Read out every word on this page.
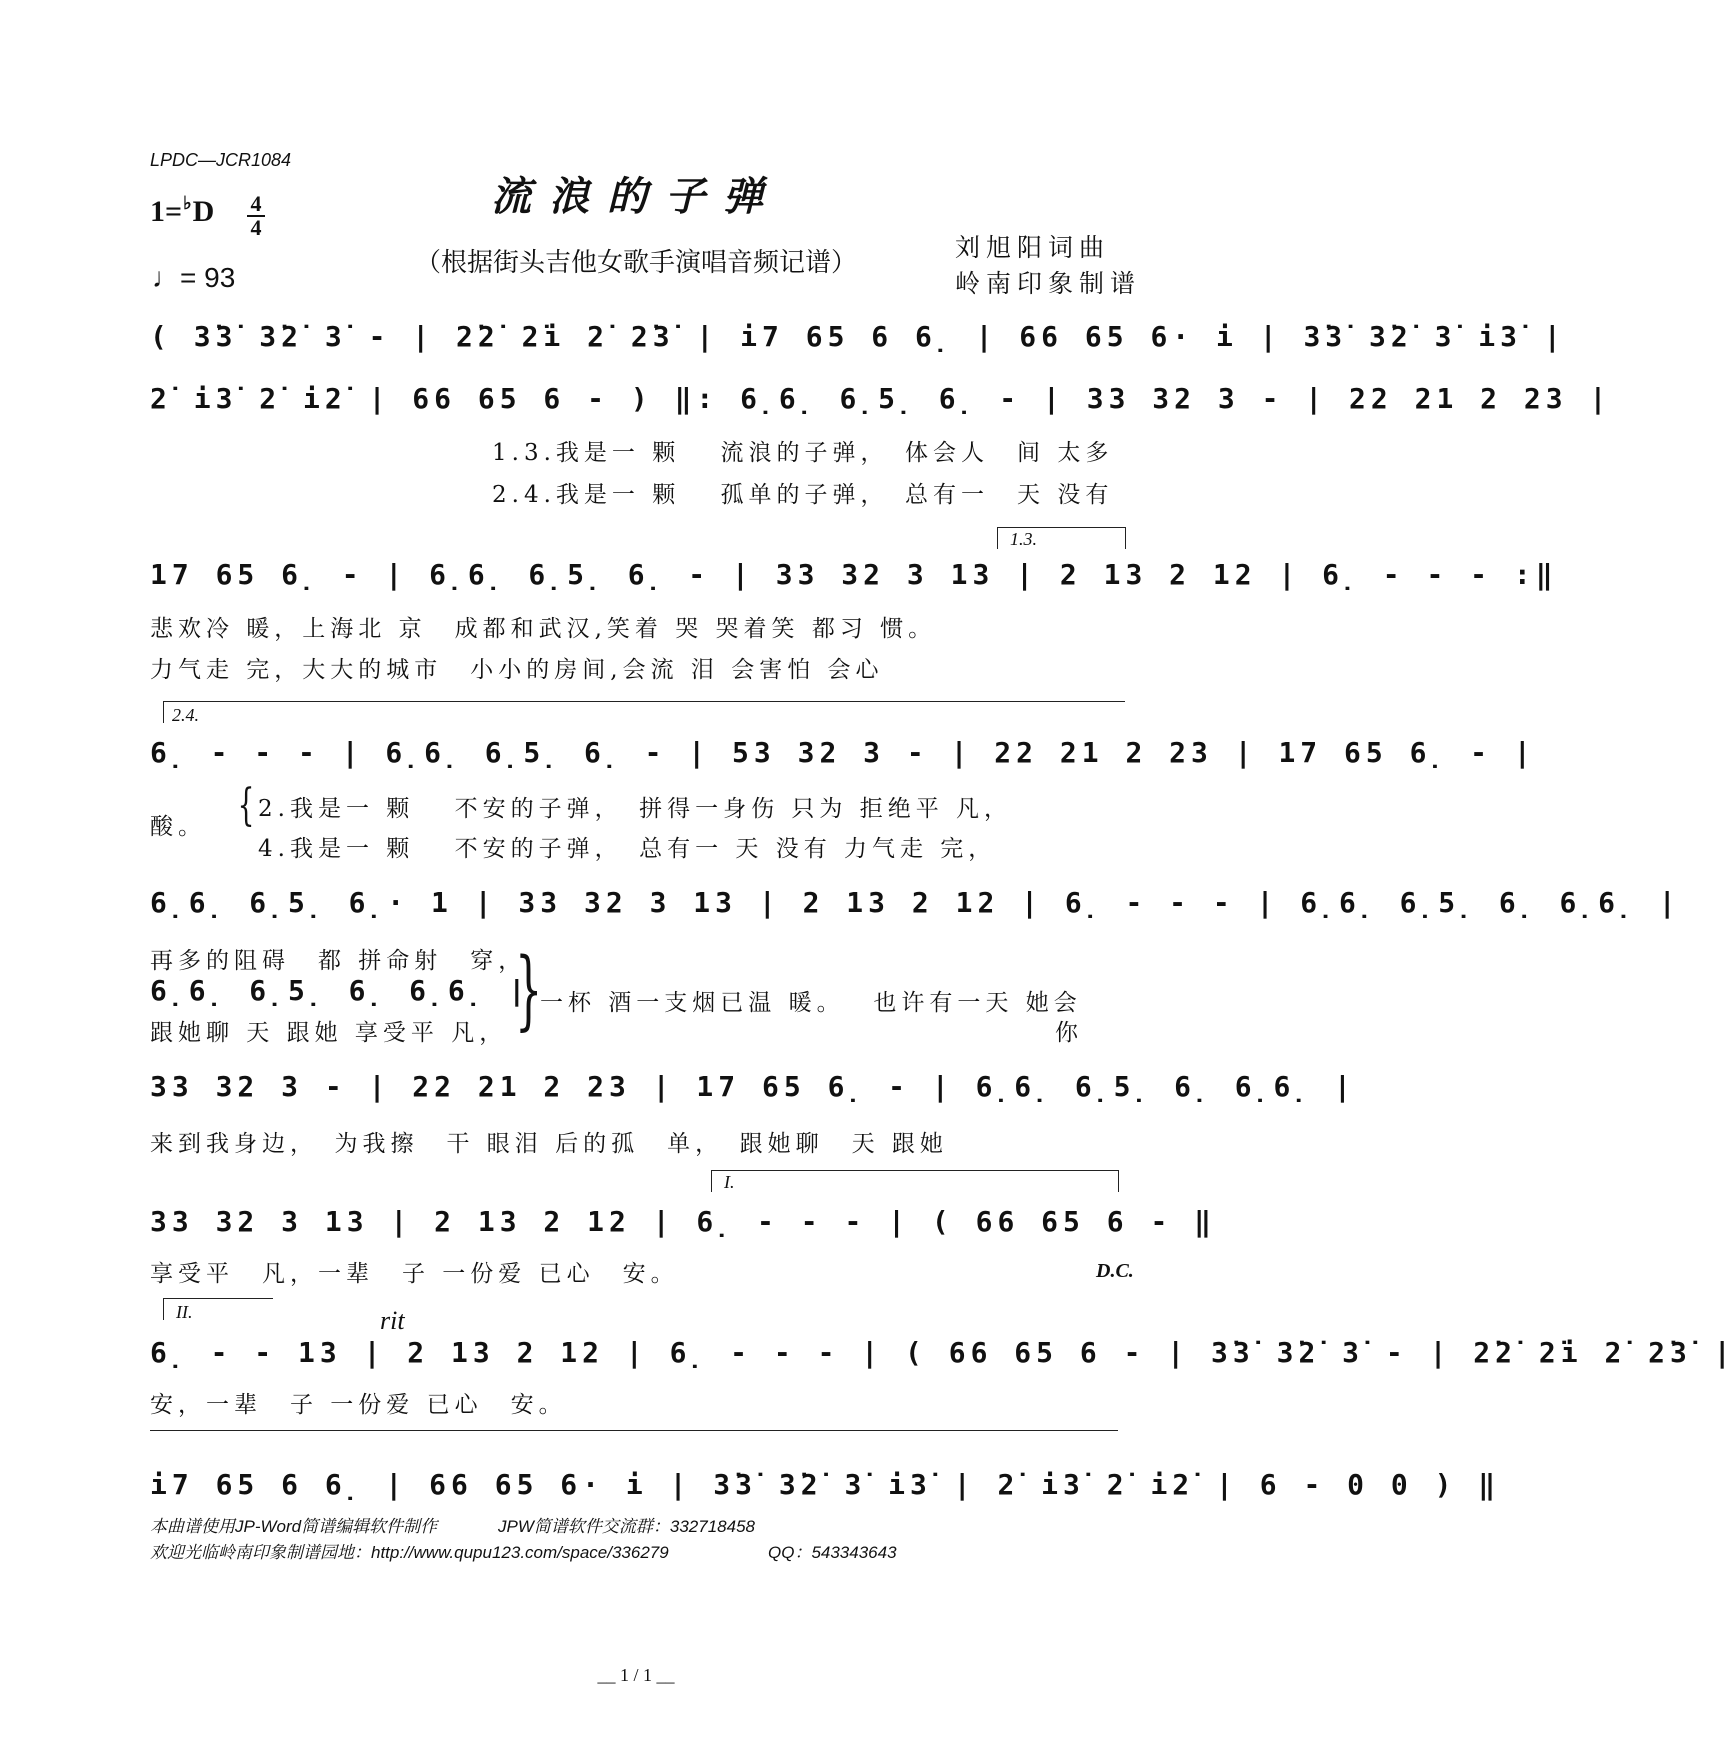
LPDC—JCR1084
流浪的子弹
（根据街头吉他女歌手演唱音频记谱）
刘旭阳词曲
岭南印象制谱
1=♭D 4
4
♩= 93
( 3̇3̇ 3̇2̇ 3̇ - | 2̇2̇ 2̇i 2̇ 2̇3̇ | i7 65 6 6̣ | 66 65 6· i | 3̇3̇ 3̇2̇ 3̇ i3̇ |
2̇ i3̇ 2̇ i2̇ | 66 65 6 - ) ‖: 6̣6̣ 6̣5̣ 6̣ - | 33 32 3 - | 22 21 2 23 |
1.3.我是一 颗　 流浪的子弹，　体会人　间 太多
2.4.我是一 颗　 孤单的子弹，　总有一　天 没有
1.3.
17 65 6̣ - | 6̣6̣ 6̣5̣ 6̣ - | 33 32 3 13 | 2 13 2 12 | 6̣ - - - :‖
悲欢冷 暖，上海北 京　成都和武汉,笑着 哭 哭着笑 都习 惯。
力气走 完，大大的城市　小小的房间,会流 泪 会害怕 会心
2.4.
6̣ - - - | 6̣6̣ 6̣5̣ 6̣ - | 53 32 3 - | 22 21 2 23 | 17 65 6̣ - |
酸。 { 2.我是一 颗　 不安的子弹，　拼得一身伤 只为 拒绝平 凡，
4.我是一 颗　 不安的子弹，　总有一 天 没有 力气走 完，
6̣6̣ 6̣5̣ 6̣· 1 | 33 32 3 13 | 2 13 2 12 | 6̣ - - - | 6̣6̣ 6̣5̣ 6̣ 6̣6̣ |
再多的阻碍　都 拼命射　穿，
6̣6̣ 6̣5̣ 6̣ 6̣6̣ |
跟她聊 天 跟她 享受平 凡， }
一杯 酒一支烟已温 暖。　 也许有一天 她会
你
33 32 3 - | 22 21 2 23 | 17 65 6̣ - | 6̣6̣ 6̣5̣ 6̣ 6̣6̣ |
来到我身边，　为我擦　干 眼泪 后的孤　单，　跟她聊　天 跟她
I.
33 32 3 13 | 2 13 2 12 | 6̣ - - - | ( 66 65 6 - ‖
享受平　凡，一辈　子 一份爱 已心　安。	D.C.
II.	rit
6̣ - - 13 | 2 13 2 12 | 6̣ - - - | ( 66 65 6 - | 3̇3̇ 3̇2̇ 3̇ - | 2̇2̇ 2̇i 2̇ 2̇3̇ |
安，一辈　子 一份爱 已心　安。
i7 65 6 6̣ | 66 65 6· i | 3̇3̇ 3̇2̇ 3̇ i3̇ | 2̇ i3̇ 2̇ i2̇ | 6 - 0 0 ) ‖
本曲谱使用JP-Word简谱编辑软件制作	JPW简谱软件交流群：332718458
欢迎光临岭南印象制谱园地：http://www.qupu123.com/space/336279	QQ：543343643
__ 1 / 1 __
